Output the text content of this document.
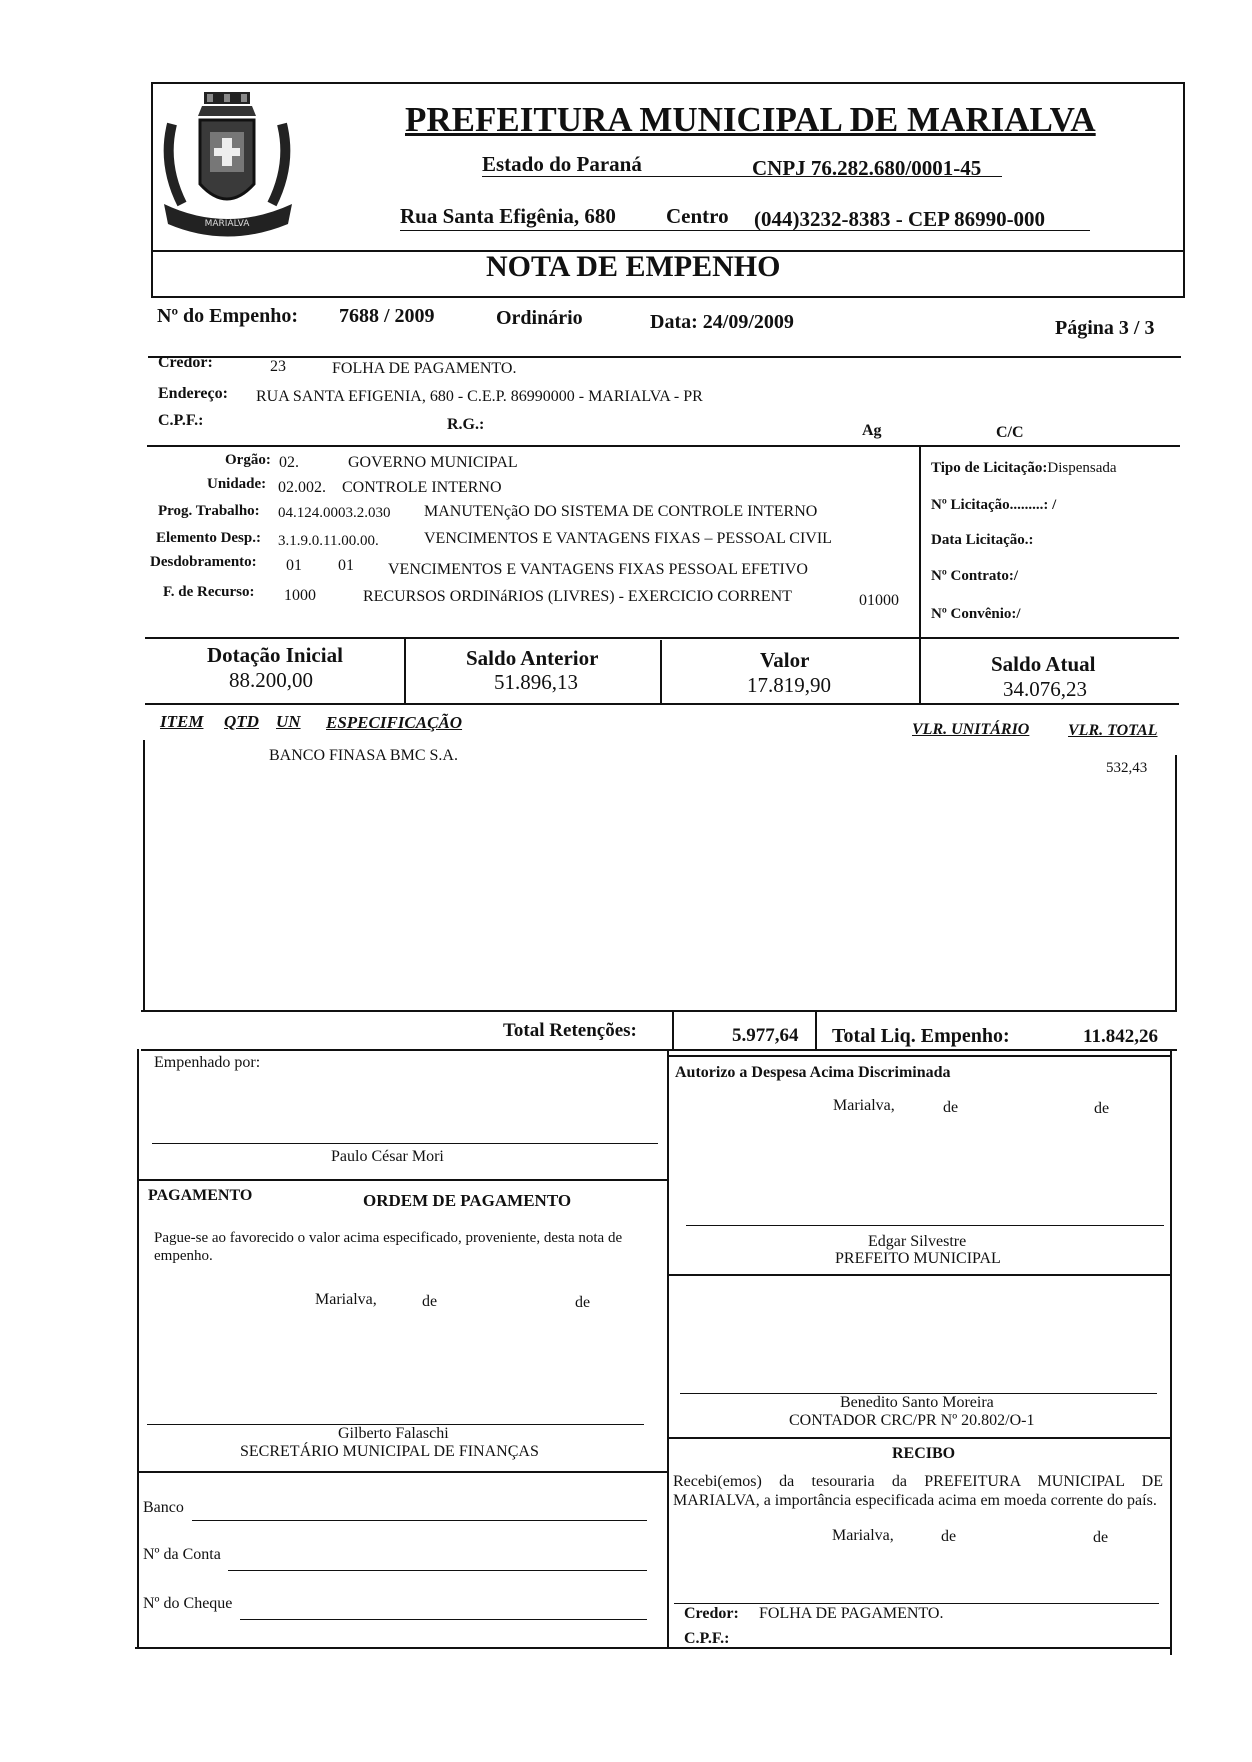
MARIALVA
PREFEITURA MUNICIPAL DE MARIALVA
Estado do Paraná	CNPJ 76.282.680/0001-45
Rua Santa Efigênia, 680 Centro (044)3232-8383 - CEP 86990-000
NOTA DE EMPENHO
Nº do Empenho: 7688 / 2009	Ordinário	Data: 24/09/2009	Página 3 / 3
Credor:	23	FOLHA DE PAGAMENTO.
Endereço: RUA SANTA EFIGENIA, 680 - C.E.P. 86990000 - MARIALVA - PR
C.P.F.:	R.G.:	Ag	C/C
Orgão: 02.	GOVERNO MUNICIPAL
Unidade: 02.002. CONTROLE INTERNO
Prog. Trabalho: 04.124.0003.2.030 MANUTENçãO DO SISTEMA DE CONTROLE INTERNO
Elemento Desp.: 3.1.9.0.11.00.00.	VENCIMENTOS E VANTAGENS FIXAS – PESSOAL CIVIL
Desdobramento: 01 01 VENCIMENTOS E VANTAGENS FIXAS PESSOAL EFETIVO
F. de Recurso: 1000	RECURSOS ORDINáRIOS (LIVRES) - EXERCICIO CORRENT	01000
Tipo de Licitação:Dispensada
Nº Licitação.........: /
Data Licitação.:
Nº Contrato:/
Nº Convênio:/
Dotação Inicial
88.200,00
Saldo Anterior
51.896,13
Valor
17.819,90
Saldo Atual
34.076,23
ITEM QTD UN ESPECIFICAÇÃO	VLR. UNITÁRIO VLR. TOTAL
BANCO FINASA BMC S.A.
532,43
Total Retenções:	5.977,64 Total Liq. Empenho:	11.842,26
Empenhado por:
Paulo César Mori
PAGAMENTO	ORDEM DE PAGAMENTO
Pague-se ao favorecido o valor acima especificado, proveniente, desta nota de empenho.
Marialva,	de	de
Gilberto Falaschi
SECRETÁRIO MUNICIPAL DE FINANÇAS
Banco
Nº da Conta
Nº do Cheque
Autorizo a Despesa Acima Discriminada
Marialva,	de	de
Edgar Silvestre
PREFEITO MUNICIPAL
Benedito Santo Moreira
CONTADOR CRC/PR Nº 20.802/O-1
RECIBO
Recebi(emos) da tesouraria da PREFEITURA MUNICIPAL DE MARIALVA, a importância especificada acima em moeda corrente do país.
Marialva,	de	de
Credor: FOLHA DE PAGAMENTO.
C.P.F.:
